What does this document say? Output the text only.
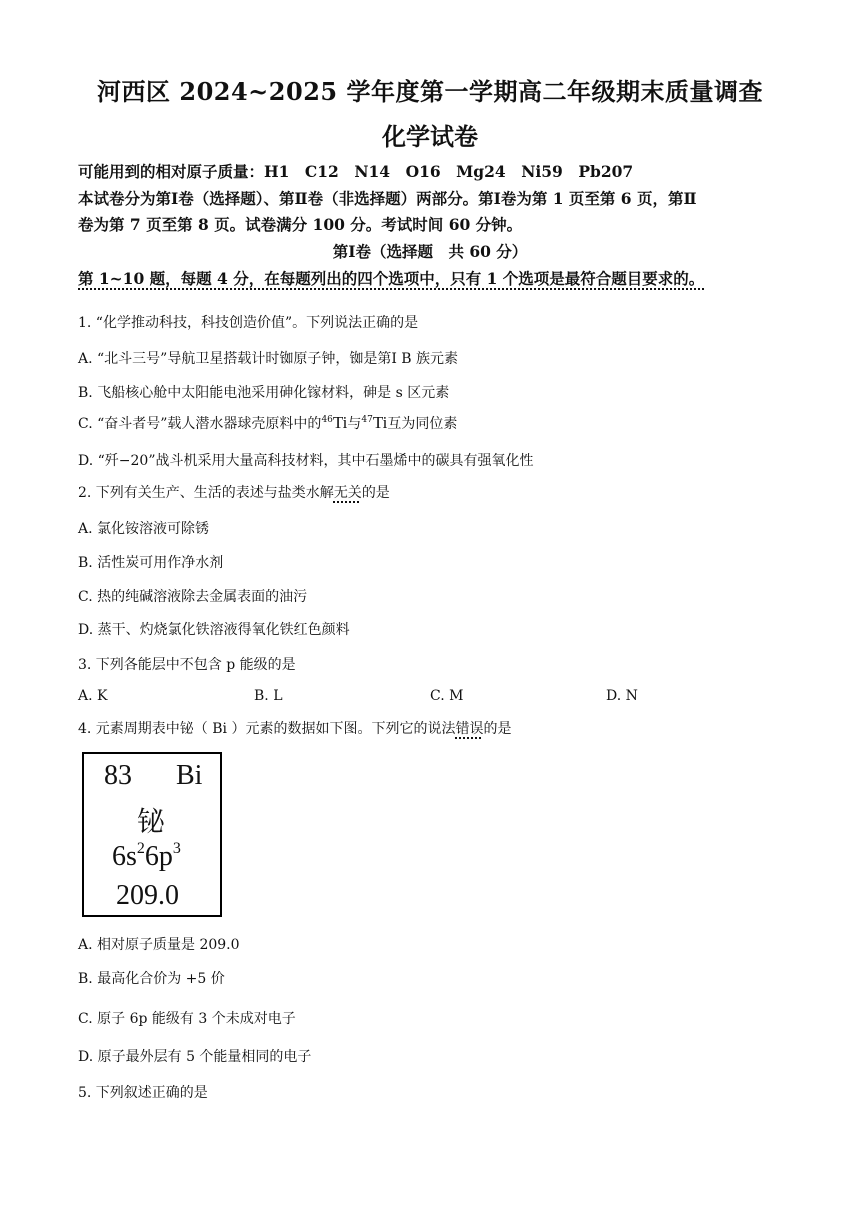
河西区 2024~2025 学年度第一学期高二年级期末质量调查
化学试卷
可能用到的相对原子质量：H1　C12　N14　O16　Mg24　Ni59　Pb207
本试卷分为第Ⅰ卷（选择题）、第Ⅱ卷（非选择题）两部分。第Ⅰ卷为第 1 页至第 6 页，第Ⅱ
卷为第 7 页至第 8 页。试卷满分 100 分。考试时间 60 分钟。
第Ⅰ卷（选择题　共 60 分）
第 1~10 题，每题 4 分，在每题列出的四个选项中，只有 1 个选项是最符合题目要求的。
1. “化学推动科技，科技创造价值”。下列说法正确的是
A. “北斗三号”导航卫星搭载计时铷原子钟，铷是第Ⅰ B 族元素
B. 飞船核心舱中太阳能电池采用砷化镓材料，砷是 s 区元素
C. “奋斗者号”载人潜水器球壳原料中的$^{46}$Ti与$^{47}$Ti互为同位素
D. “歼−20”战斗机采用大量高科技材料，其中石墨烯中的碳具有强氧化性
2. 下列有关生产、生活的表述与盐类水解无关的是
A. 氯化铵溶液可除锈
B. 活性炭可用作净水剂
C. 热的纯碱溶液除去金属表面的油污
D. 蒸干、灼烧氯化铁溶液得氧化铁红色颜料
3. 下列各能层中不包含 p 能级的是
A. K	B. L	C. M	D. N
4. 元素周期表中铋（ Bi ）元素的数据如下图。下列它的说法错误的是
83 Bi
铋
$6s^26p^3$
209.0
A. 相对原子质量是 209.0
B. 最高化合价为 +5 价
C. 原子 6p 能级有 3 个未成对电子
D. 原子最外层有 5 个能量相同的电子
5. 下列叙述正确的是
